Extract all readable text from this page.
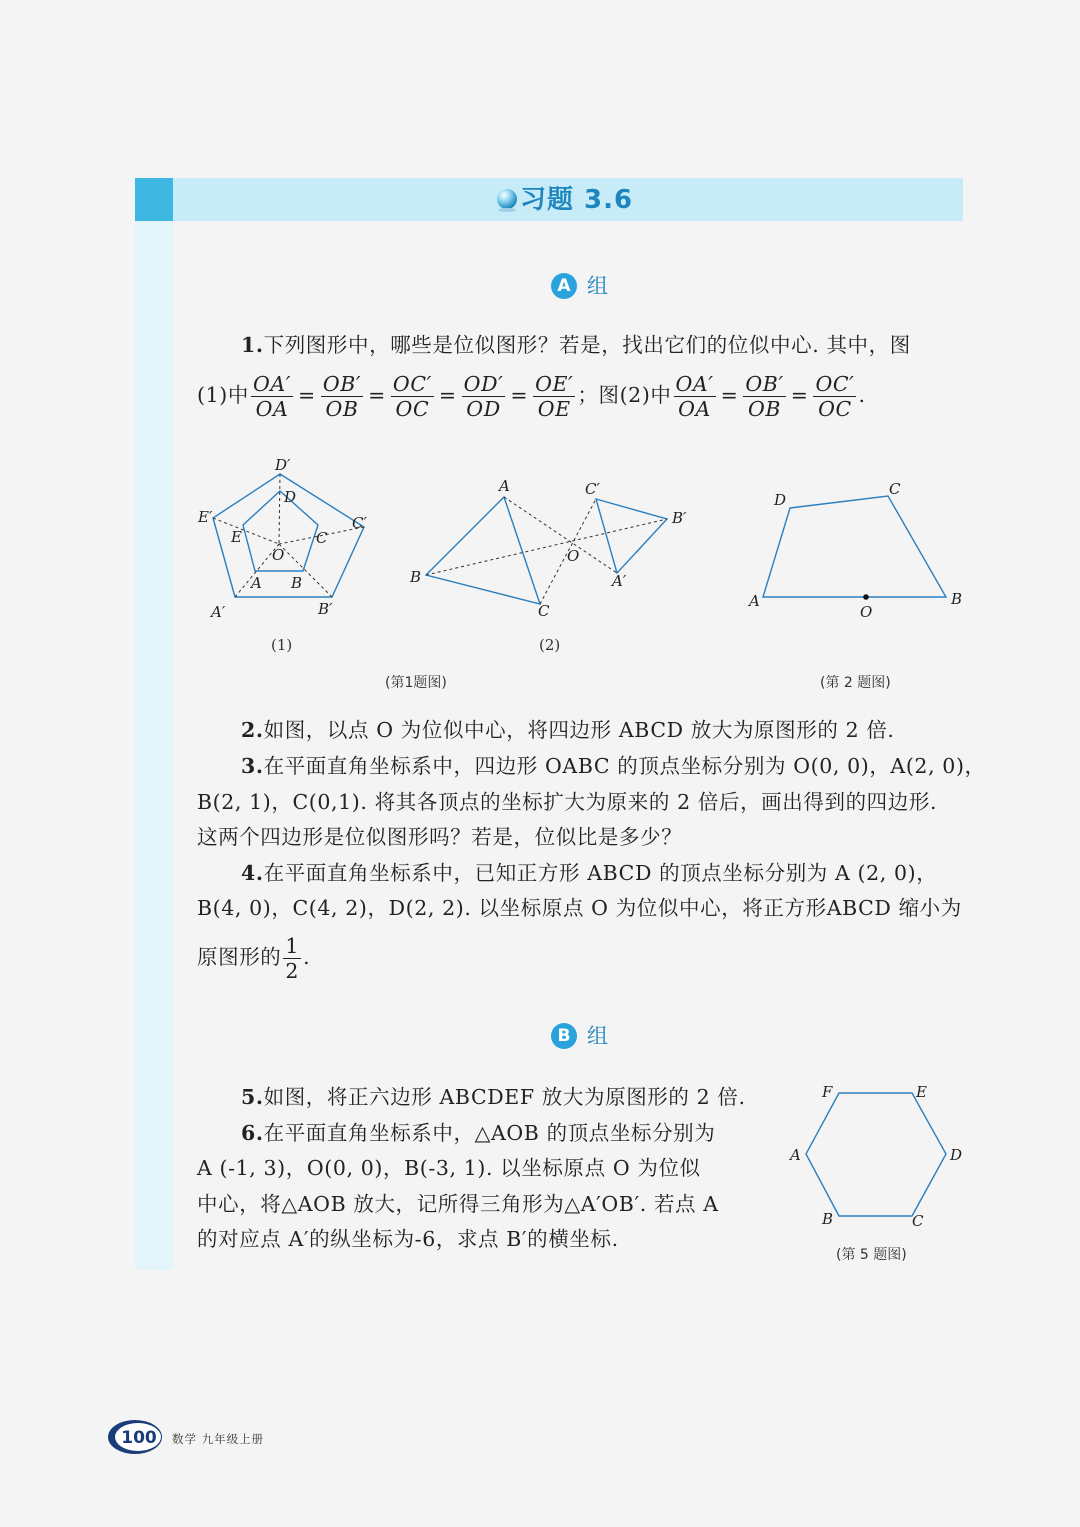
习题 3.6
A 组
1.下列图形中，哪些是位似图形？若是，找出它们的位似中心. 其中，图
(1)中 $\frac{OA'}{OA} = \frac{OB'}{OB} = \frac{OC'}{OC} = \frac{OD'}{OD} = \frac{OE'}{OE}$ ；图(2)中 $\frac{OA'}{OA} = \frac{OB'}{OB} = \frac{OC'}{OC}$ .
D′
E′	C′
A′	B′
D
E	C
A B
O
(1)
A
B
C
O
A′
B′
C′
(2)
(第1题图)
D
C
A	B
O
(第 2 题图)
2.如图，以点 O 为位似中心，将四边形 ABCD 放大为原图形的 2 倍.
3.在平面直角坐标系中，四边形 OABC 的顶点坐标分别为 O(0, 0)，A(2, 0)，
B(2, 1)，C(0,1). 将其各顶点的坐标扩大为原来的 2 倍后，画出得到的四边形.
这两个四边形是位似图形吗？若是，位似比是多少？
4.在平面直角坐标系中，已知正方形 ABCD 的顶点坐标分别为 A (2, 0)，
B(4, 0)，C(4, 2)，D(2, 2). 以坐标原点 O 为位似中心，将正方形ABCD 缩小为
原图形的 $\frac{1}{2}$ .
B 组
5.如图，将正六边形 ABCDEF 放大为原图形的 2 倍.
6.在平面直角坐标系中，△AOB 的顶点坐标分别为
A (-1, 3)，O(0, 0)，B(-3, 1). 以坐标原点 O 为位似
中心，将△AOB 放大，记所得三角形为△A′OB′. 若点 A
的对应点 A′的纵坐标为-6，求点 B′的横坐标.
F	E
A	D
B	C
(第 5 题图)
100	数学 九年级上册
